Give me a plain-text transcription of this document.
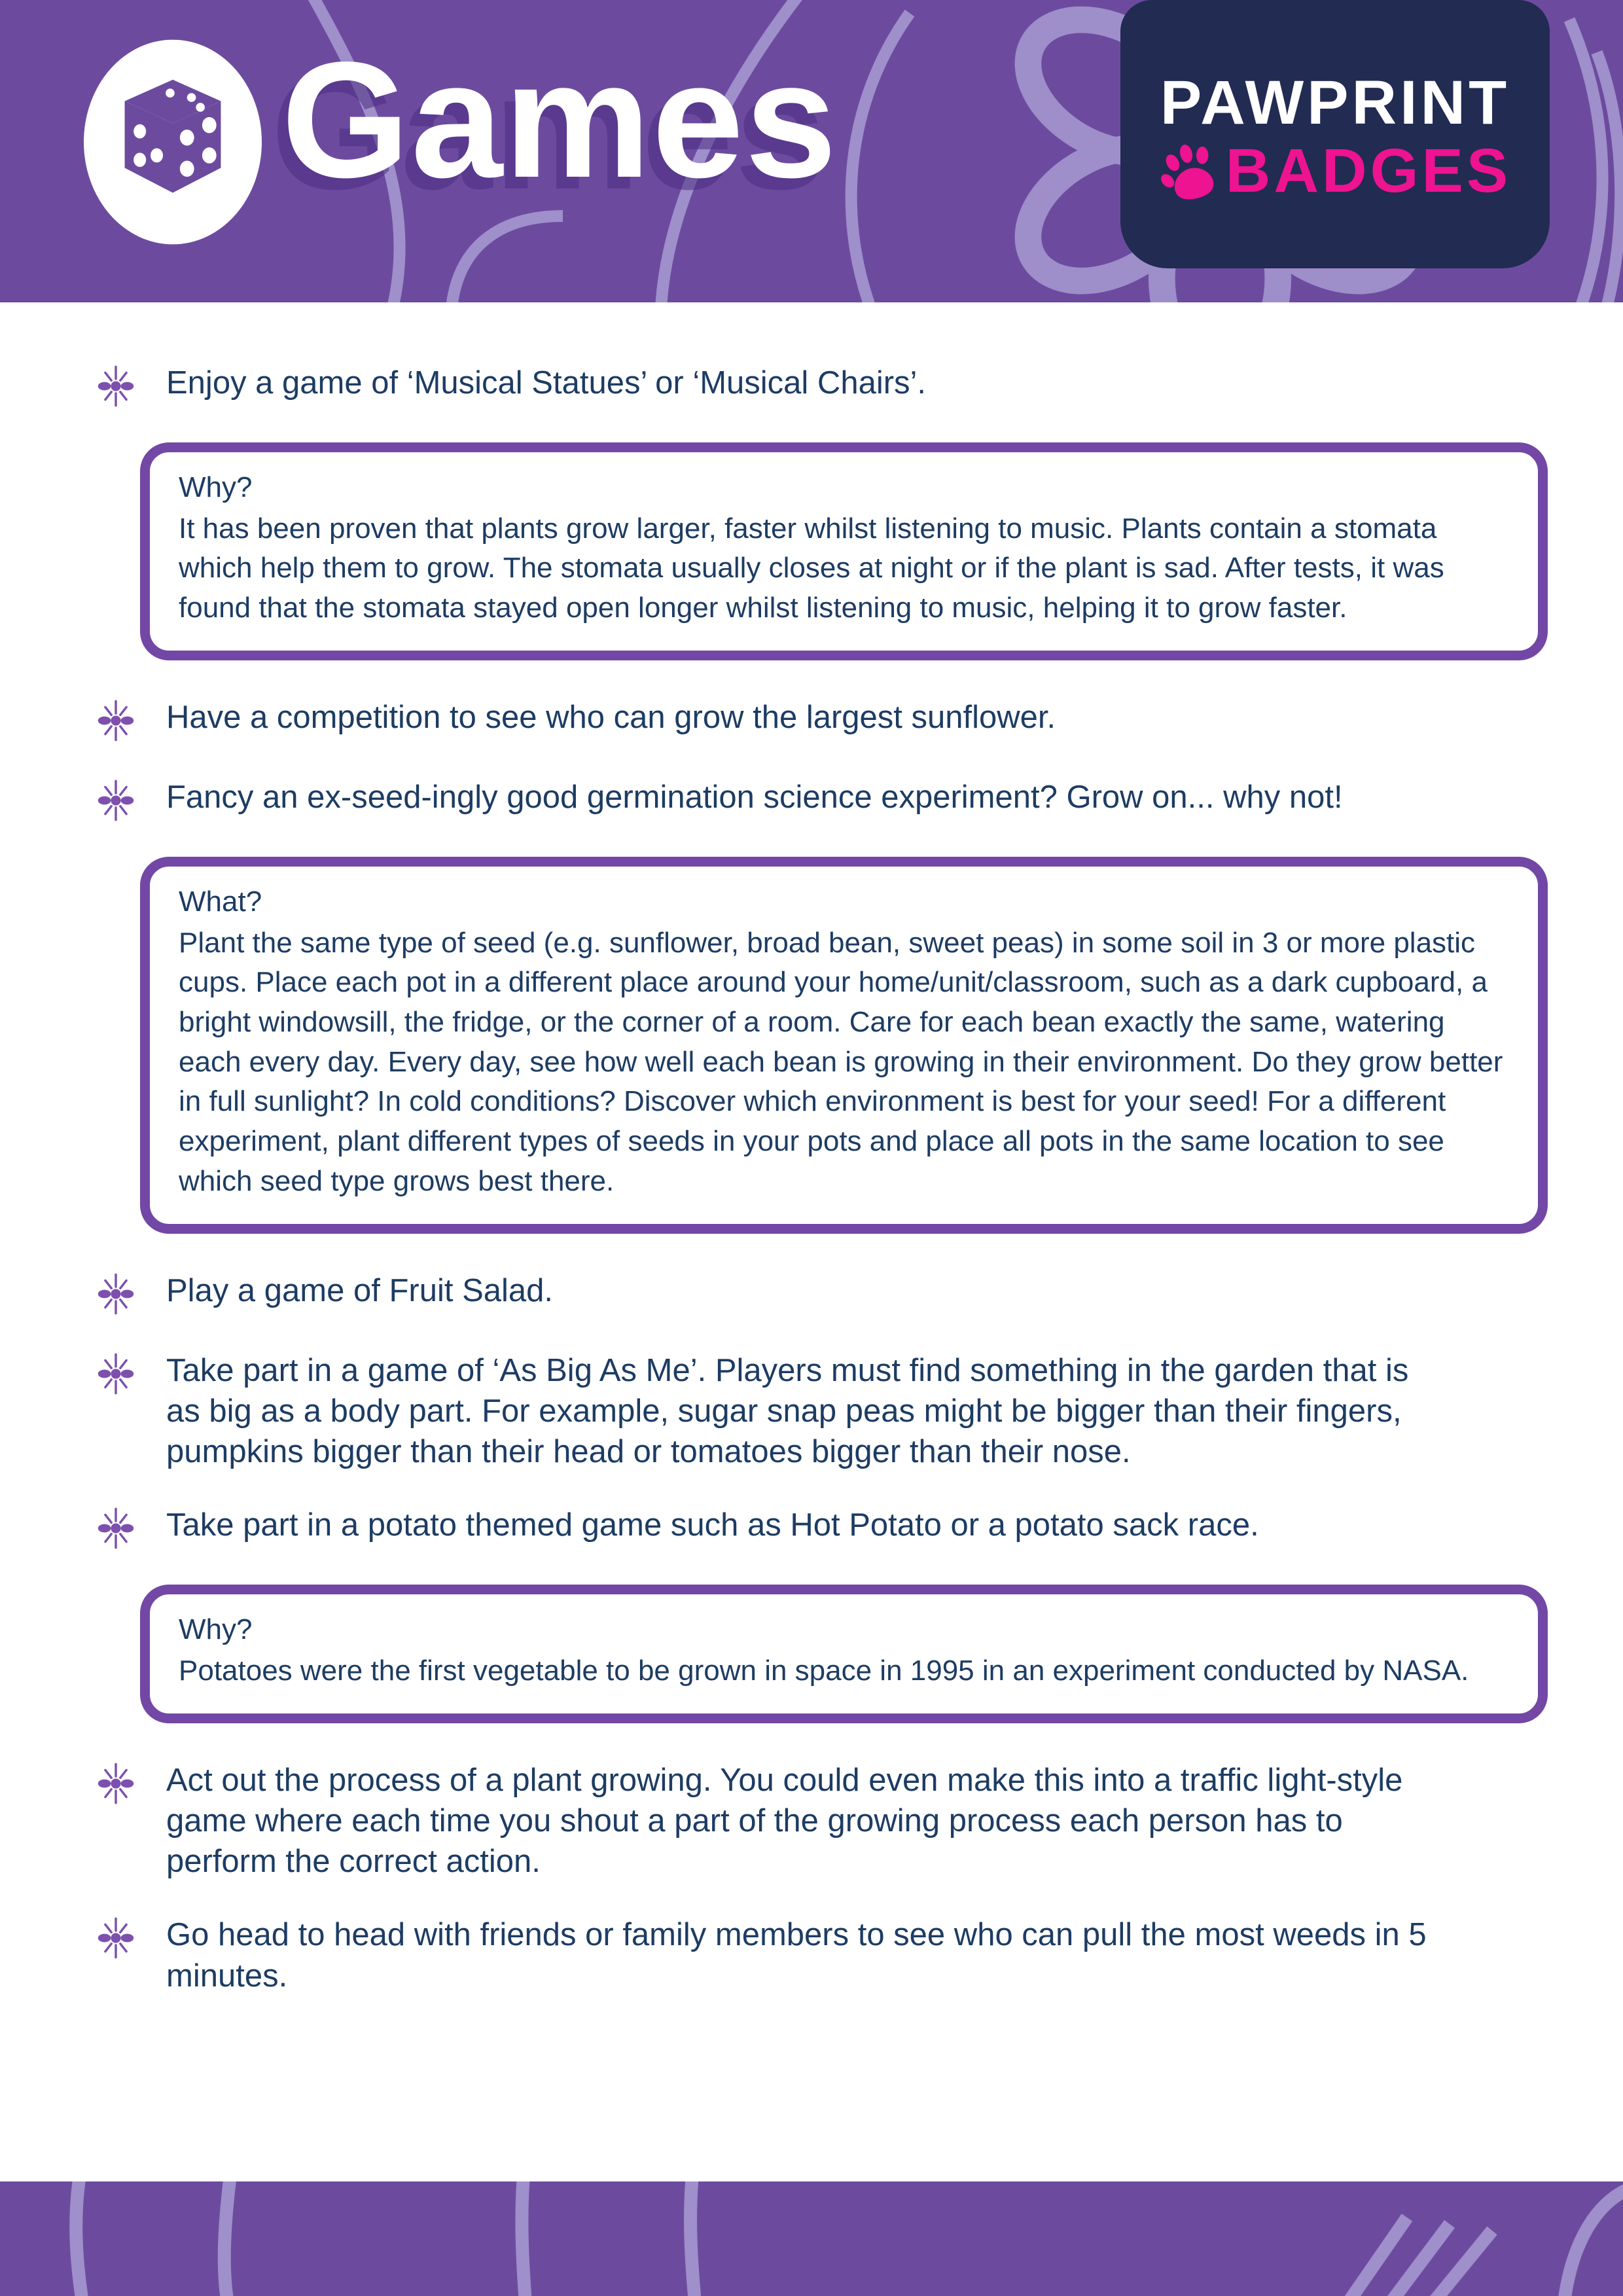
Games	PAWPRINT
BADGES

Enjoy a game of ‘Musical Statues’ or ‘Musical Chairs’.

Why?

It has been proven that plants grow larger, faster whilst listening to music. Plants contain a stomata which help them to grow. The stomata usually closes at night or if the plant is sad. After tests, it was found that the stomata stayed open longer whilst listening to music, helping it to grow faster.

Have a competition to see who can grow the largest sunflower.

Fancy an ex-seed-ingly good germination science experiment? Grow on... why not!

What?

Plant the same type of seed (e.g. sunflower, broad bean, sweet peas) in some soil in 3 or more plastic cups. Place each pot in a different place around your home/unit/classroom, such as a dark cupboard, a bright windowsill, the fridge, or the corner of a room. Care for each bean exactly the same, watering each every day. Every day, see how well each bean is growing in their environment. Do they grow better in full sunlight? In cold conditions? Discover which environment is best for your seed! For a different experiment, plant different types of seeds in your pots and place all pots in the same location to see which seed type grows best there.

Play a game of Fruit Salad.

Take part in a game of ‘As Big As Me’. Players must find something in the garden that is as big as a body part. For example, sugar snap peas might be bigger than their fingers, pumpkins bigger than their head or tomatoes bigger than their nose.

Take part in a potato themed game such as Hot Potato or a potato sack race.

Why?

Potatoes were the first vegetable to be grown in space in 1995 in an experiment conducted by NASA.

Act out the process of a plant growing. You could even make this into a traffic light-style game where each time you shout a part of the growing process each person has to perform the correct action.

Go head to head with friends or family members to see who can pull the most weeds in 5 minutes.
